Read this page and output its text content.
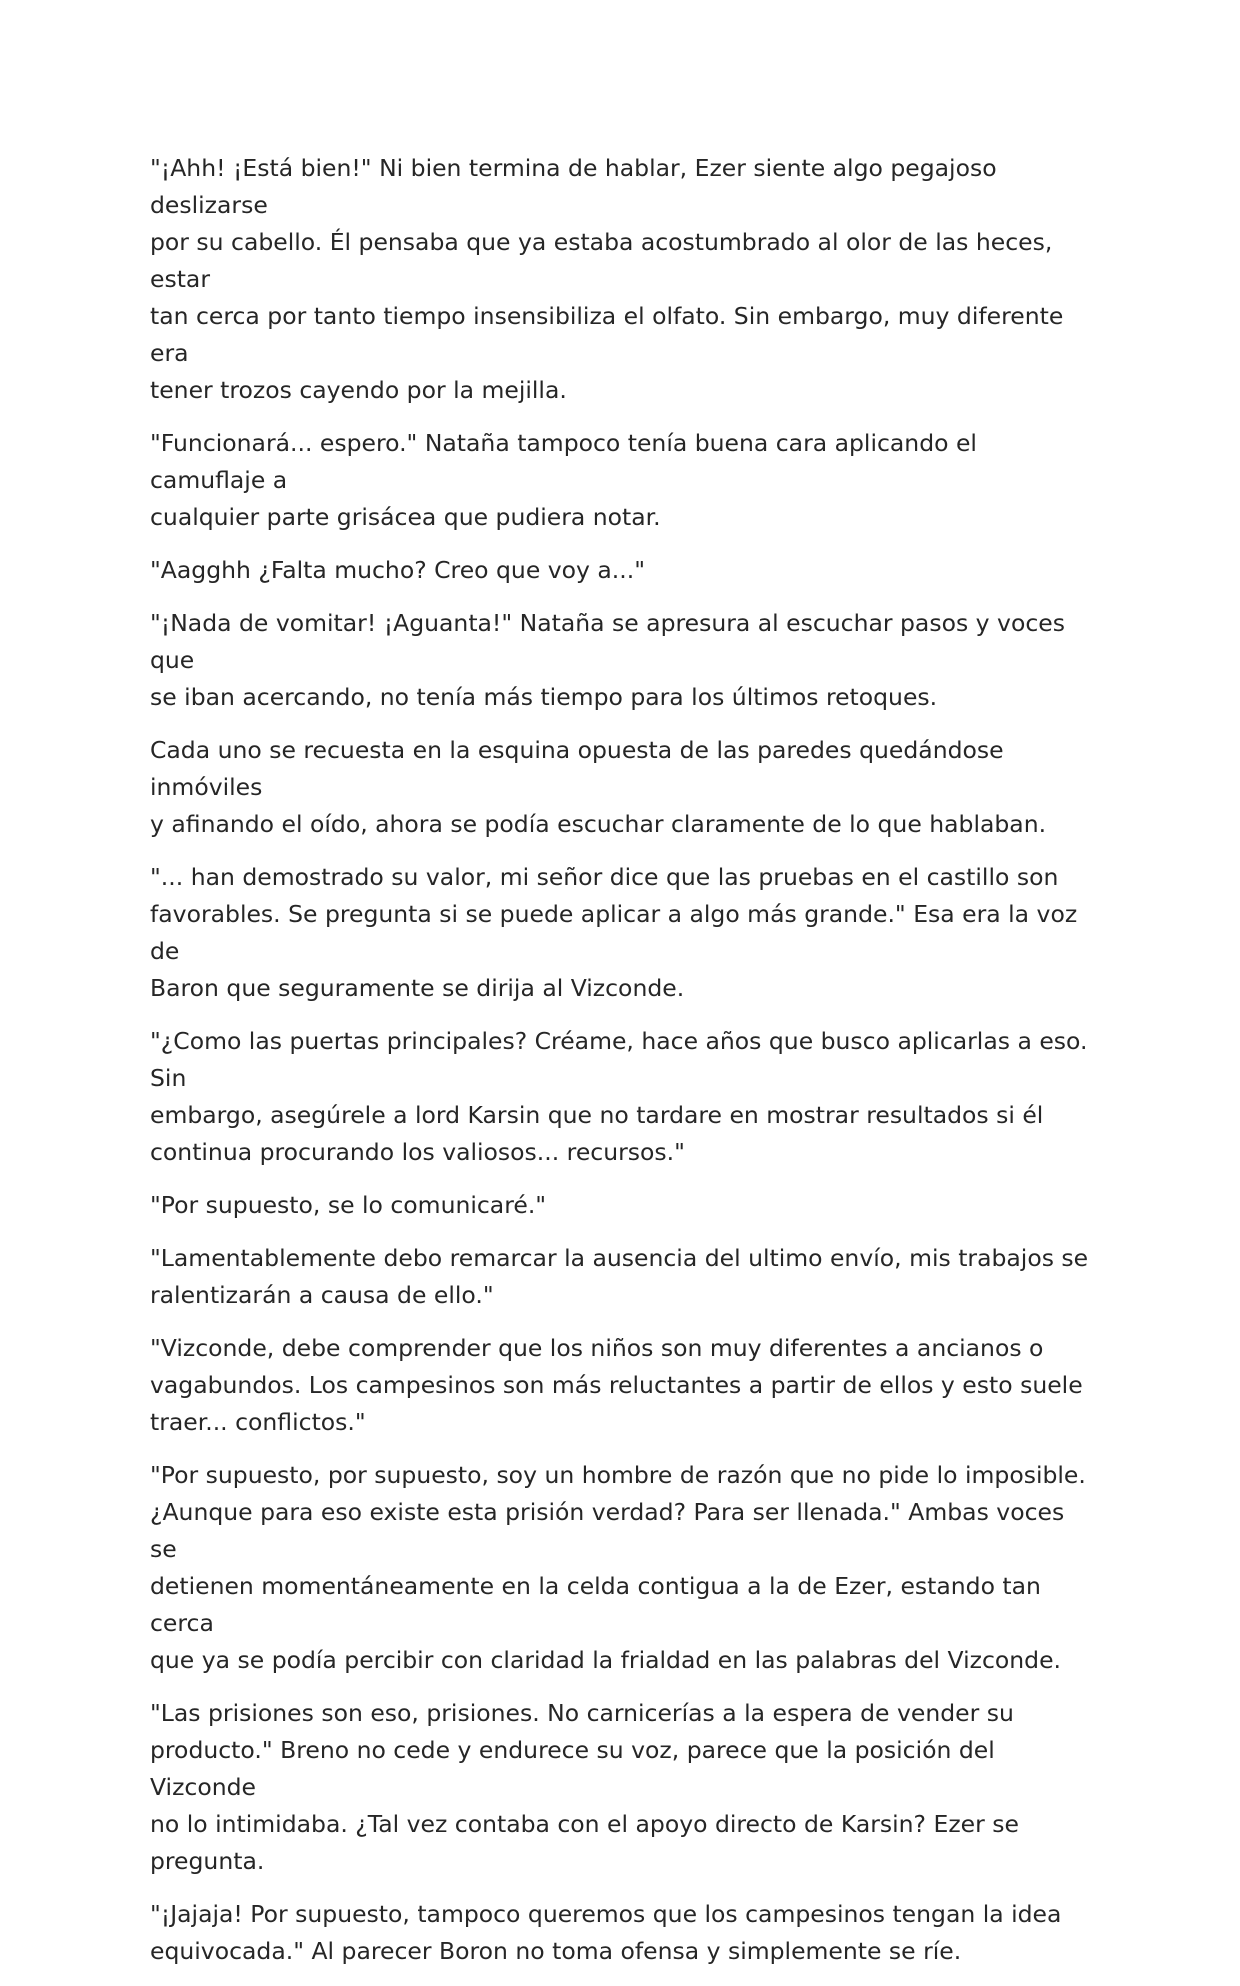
"¡Ahh! ¡Está bien!" Ni bien termina de hablar, Ezer siente algo pegajoso deslizarse
por su cabello. Él pensaba que ya estaba acostumbrado al olor de las heces, estar
tan cerca por tanto tiempo insensibiliza el olfato. Sin embargo, muy diferente era
tener trozos cayendo por la mejilla.

"Funcionará... espero." Nataña tampoco tenía buena cara aplicando el camuflaje a
cualquier parte grisácea que pudiera notar.

"Aagghh ¿Falta mucho? Creo que voy a..."

"¡Nada de vomitar! ¡Aguanta!" Nataña se apresura al escuchar pasos y voces que
se iban acercando, no tenía más tiempo para los últimos retoques.

Cada uno se recuesta en la esquina opuesta de las paredes quedándose inmóviles
y afinando el oído, ahora se podía escuchar claramente de lo que hablaban.

"... han demostrado su valor, mi señor dice que las pruebas en el castillo son
favorables. Se pregunta si se puede aplicar a algo más grande." Esa era la voz de
Baron que seguramente se dirija al Vizconde.

"¿Como las puertas principales? Créame, hace años que busco aplicarlas a eso. Sin
embargo, asegúrele a lord Karsin que no tardare en mostrar resultados si él
continua procurando los valiosos... recursos."

"Por supuesto, se lo comunicaré."

"Lamentablemente debo remarcar la ausencia del ultimo envío, mis trabajos se
ralentizarán a causa de ello."

"Vizconde, debe comprender que los niños son muy diferentes a ancianos o
vagabundos. Los campesinos son más reluctantes a partir de ellos y esto suele
traer... conflictos."

"Por supuesto, por supuesto, soy un hombre de razón que no pide lo imposible.
¿Aunque para eso existe esta prisión verdad? Para ser llenada." Ambas voces se
detienen momentáneamente en la celda contigua a la de Ezer, estando tan cerca
que ya se podía percibir con claridad la frialdad en las palabras del Vizconde.

"Las prisiones son eso, prisiones. No carnicerías a la espera de vender su
producto." Breno no cede y endurece su voz, parece que la posición del Vizconde
no lo intimidaba. ¿Tal vez contaba con el apoyo directo de Karsin? Ezer se
pregunta.

"¡Jajaja! Por supuesto, tampoco queremos que los campesinos tengan la idea
equivocada." Al parecer Boron no toma ofensa y simplemente se ríe.
